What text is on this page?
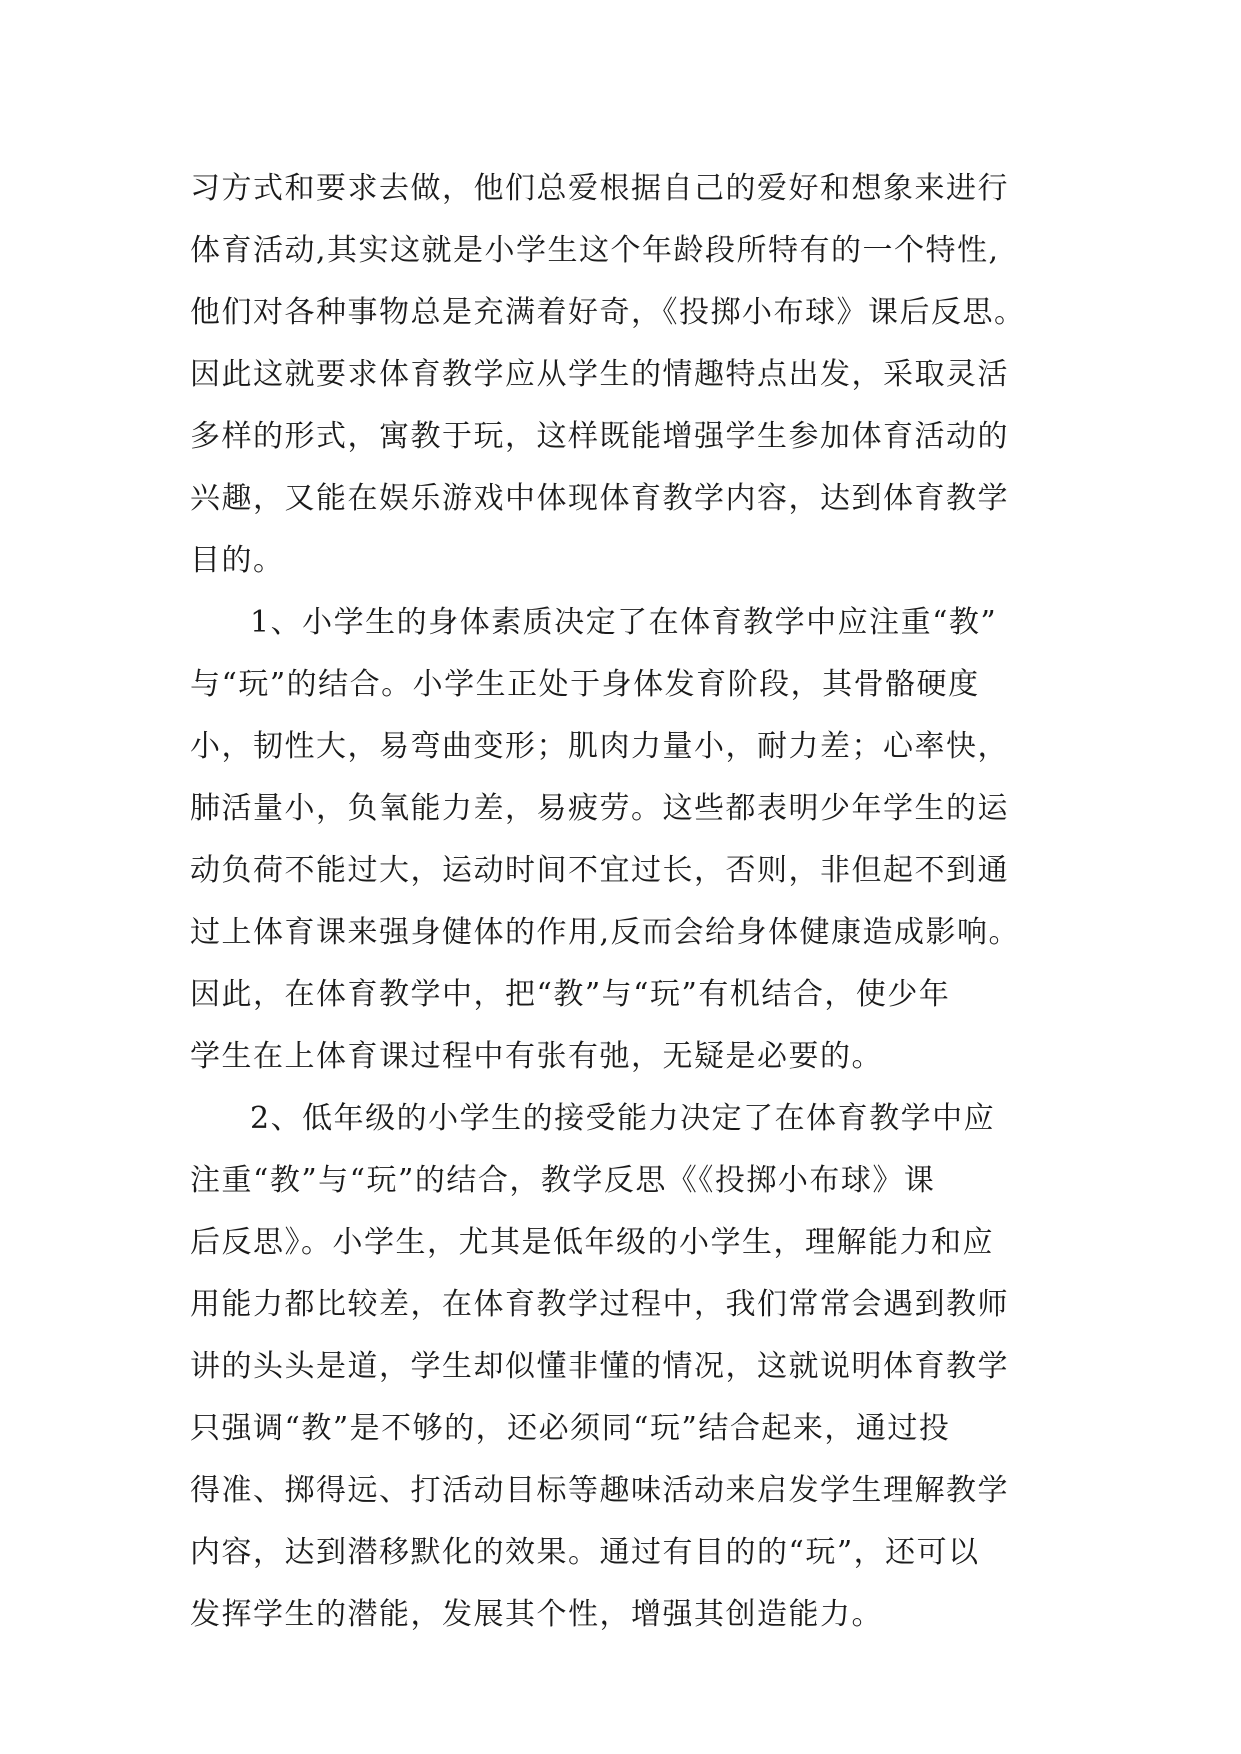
习方式和要求去做，他们总爱根据自己的爱好和想象来进行
体育活动,其实这就是小学生这个年龄段所特有的一个特性,
他们对各种事物总是充满着好奇，《投掷小布球》课后反思。
因此这就要求体育教学应从学生的情趣特点出发，采取灵活
多样的形式，寓教于玩，这样既能增强学生参加体育活动的
兴趣，又能在娱乐游戏中体现体育教学内容，达到体育教学
目的。
1、小学生的身体素质决定了在体育教学中应注重“教”
与“玩”的结合。小学生正处于身体发育阶段，其骨骼硬度
小，韧性大，易弯曲变形；肌肉力量小，耐力差；心率快，
肺活量小，负氧能力差，易疲劳。这些都表明少年学生的运
动负荷不能过大，运动时间不宜过长，否则，非但起不到通
过上体育课来强身健体的作用,反而会给身体健康造成影响。
因此，在体育教学中，把“教”与“玩”有机结合，使少年
学生在上体育课过程中有张有弛，无疑是必要的。
2、低年级的小学生的接受能力决定了在体育教学中应
注重“教”与“玩”的结合，教学反思《《投掷小布球》课
后反思》。小学生，尤其是低年级的小学生，理解能力和应
用能力都比较差，在体育教学过程中，我们常常会遇到教师
讲的头头是道，学生却似懂非懂的情况，这就说明体育教学
只强调“教”是不够的，还必须同“玩”结合起来，通过投
得准、掷得远、打活动目标等趣味活动来启发学生理解教学
内容，达到潜移默化的效果。通过有目的的“玩”，还可以
发挥学生的潜能，发展其个性，增强其创造能力。
